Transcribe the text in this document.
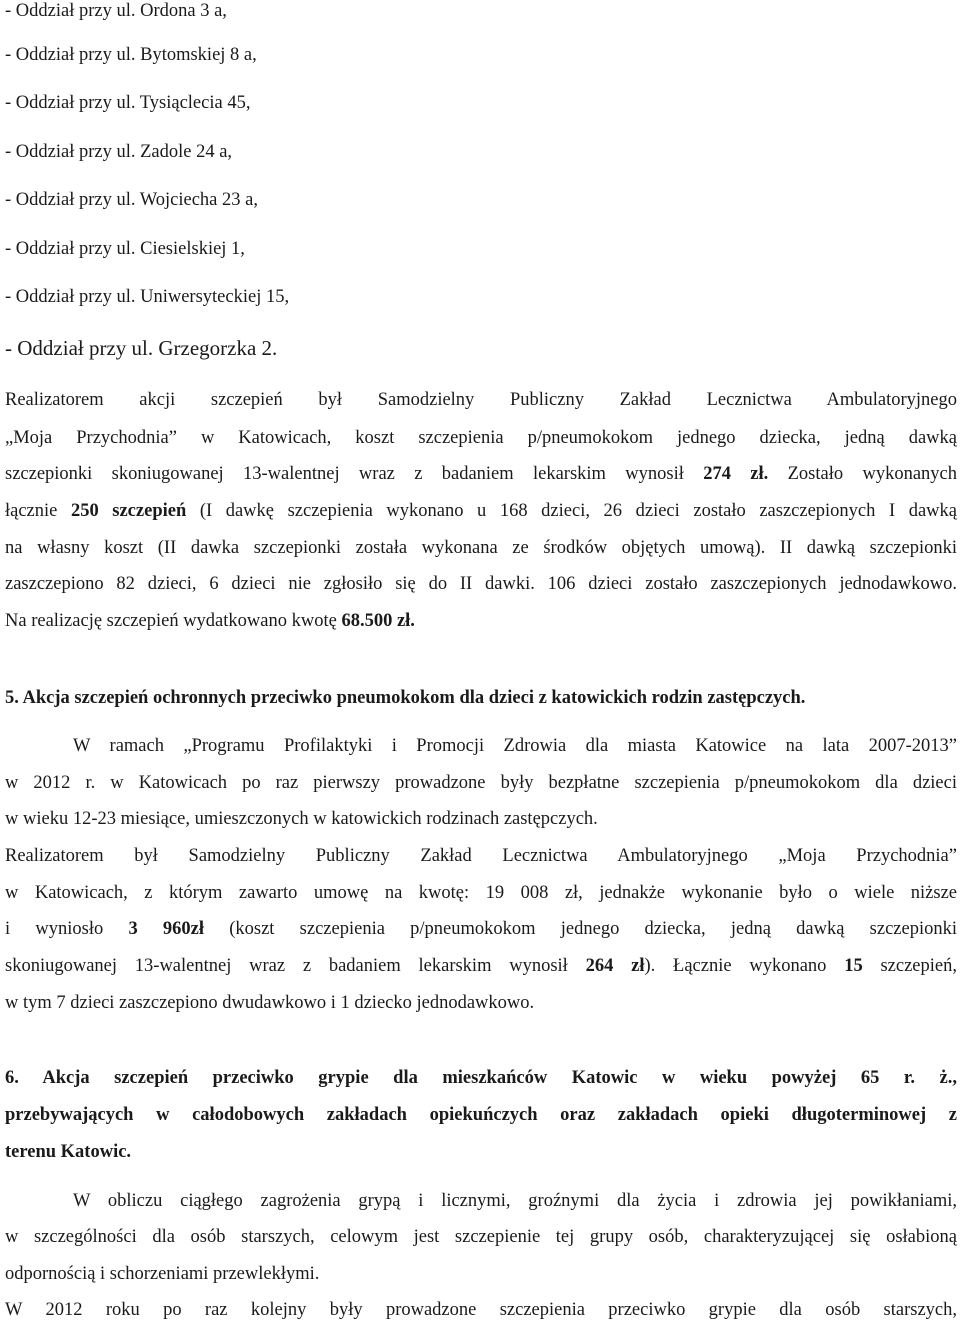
- Oddział przy ul. Ordona 3 a,
- Oddział przy ul. Bytomskiej 8 a,
- Oddział przy ul. Tysiąclecia 45,
- Oddział przy ul. Zadole 24 a,
- Oddział przy ul. Wojciecha 23 a,
- Oddział przy ul. Ciesielskiej 1,
- Oddział przy ul. Uniwersyteckiej 15,
- Oddział przy ul. Grzegorzka 2.
Realizatorem akcji szczepień był Samodzielny Publiczny Zakład Lecznictwa Ambulatoryjnego
„Moja Przychodnia” w Katowicach, koszt szczepienia p/pneumokokom jednego dziecka, jedną dawką
szczepionki skoniugowanej 13-walentnej wraz z badaniem lekarskim wynosił 274 zł. Zostało wykonanych
łącznie 250 szczepień (I dawkę szczepienia wykonano u 168 dzieci, 26 dzieci zostało zaszczepionych I dawką
na własny koszt (II dawka szczepionki została wykonana ze środków objętych umową). II dawką szczepionki
zaszczepiono 82 dzieci, 6 dzieci nie zgłosiło się do II dawki. 106 dzieci zostało zaszczepionych jednodawkowo.
Na realizację szczepień wydatkowano kwotę 68.500 zł.
5. Akcja szczepień ochronnych przeciwko pneumokokom dla dzieci z katowickich rodzin zastępczych.
W ramach „Programu Profilaktyki i Promocji Zdrowia dla miasta Katowice na lata 2007-2013”
w 2012 r. w Katowicach po raz pierwszy prowadzone były bezpłatne szczepienia p/pneumokokom dla dzieci
w wieku 12-23 miesiące, umieszczonych w katowickich rodzinach zastępczych.
Realizatorem był Samodzielny Publiczny Zakład Lecznictwa Ambulatoryjnego „Moja Przychodnia”
w Katowicach, z którym zawarto umowę na kwotę: 19 008 zł, jednakże wykonanie było o wiele niższe
i wyniosło 3 960zł (koszt szczepienia p/pneumokokom jednego dziecka, jedną dawką szczepionki
skoniugowanej 13-walentnej wraz z badaniem lekarskim wynosił 264 zł). Łącznie wykonano 15 szczepień,
w tym 7 dzieci zaszczepiono dwudawkowo i 1 dziecko jednodawkowo.
6. Akcja szczepień przeciwko grypie dla mieszkańców Katowic w wieku powyżej 65 r. ż.,
przebywających w całodobowych zakładach opiekuńczych oraz zakładach opieki długoterminowej z
terenu Katowic.
W obliczu ciągłego zagrożenia grypą i licznymi, groźnymi dla życia i zdrowia jej powikłaniami,
w szczególności dla osób starszych, celowym jest szczepienie tej grupy osób, charakteryzującej się osłabioną
odpornością i schorzeniami przewlekłymi.
W 2012 roku po raz kolejny były prowadzone szczepienia przeciwko grypie dla osób starszych,
